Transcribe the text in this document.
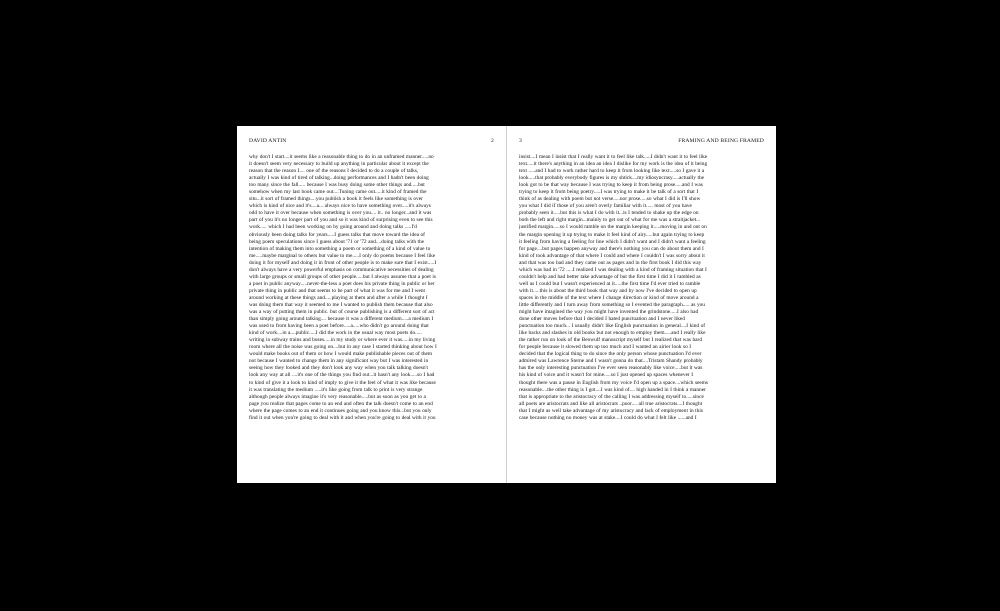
DAVID ANTIN	2
why don't I start....it seems like a reasonable thing to do in an unframed manner.....no
it doesn't seem very necessary to build up anything in particular about it except the
reason that the reason I.... one of the reasons I decided to do a couple of talks,
actually I was kind of tired of talking...doing performances and I hadn't been doing
too many since the fall..... because I was busy doing some other things and.....but
somehow when my last book came out....Tuning came out.....it kind of framed the
situ...it sort of framed things....you publish a book it feels like something is over
which is kind of nice and it's....a... always nice to have something over.....it's always
odd to have it over because when something is over you.... it.. no longer...and it was
part of you it's no longer part of you and so it was kind of surprising even to see this
work..... which I had been working on by going around and doing talks .....I'd
obviously been doing talks for years.....I guess talks that move toward the idea of
being poem speculations since I guess about '71 or '72 and....doing talks with the
intention of making them into something a poem or something of a kind of value to
me.....maybe marginal to others but value to me.....I only do poems because I feel like
doing it for myself and doing it in front of other people is to make sure that I exist.....I
don't always have a very powerful emphasis on communicative necessities of dealing
with large groups or small groups of other people.....but I always assume that a poet is
a poet in public anyway.....never-the-less a poet does his private thing in public or her
private thing in public and that seems to be part of what it was for me and I went
around working at these things and.....playing at them and after a while I thought I
was doing them that way it seemed to me I wanted to publish them because that also
was a way of putting them in public. but of course publishing is a different sort of act
than simply going around talking.... because it was a different medium.....a medium I
was used to from having been a poet before.....a.....who didn't go around doing that
kind of work....in a....public.....I did the work in the usual way most poets do.....
writing in subway trains and buses.....in my study or where ever it was.....in my living
room where all the noise was going on....but in any case I started thinking about how I
would make books out of them or how I would make publishable pieces out of them
not because I wanted to change them in any significant way but I was interested in
seeing how they looked and they don't look any way when you talk talking doesn't
look any way at all ....it's one of the things you find out...it hasn't any look.....so I had
to kind of give it a look to kind of imply to give it the feel of what it was like because
it was translating the medium .....it's like going from talk to print is very strange
although people always imagine it's very reasonable.....but as soon as you get to a
page you realize that pages come to an end and often the talk doesn't come to an end
where the page comes to an end it continues going and you know this...but you only
find it out when you're going to deal with it and when you're going to deal with it you
3	FRAMING AND BEING FRAMED
insist....I mean I insist that I really want it to feel like talk.....I didn't want it to feel like
text.....it there's anything in an idea an idea I dislike for my work is the idea of it being
text .....and I had to work rather hard to keep it from looking like text.....so I gave it a
look.....that probably everybody figures is my shtick....my idiosyncrasy.....actually the
look got to be that way because I was trying to keep it from being prose.....and I was
trying to keep it from being poetry.....I was trying to make it be talk of a sort that I
think of as dealing with poem but not verse.....nor prose.....so what I did is I'll show
you what I did if those of you aren't overly familiar with it..... most of you have
probably seen it.....but this is what I do with it...is I tended to shake up the edge on
both the left and right margin...mainly to get out of what for me was a straitjacket...
justified margin.....so I would ramble on the margin keeping it.....moving in and out on
the margin opening it up trying to make it feel kind of airy.....but again trying to keep
it feeling from having a feeling for line which I didn't want and I didn't want a feeling
for page....but pages happen anyway and there's nothing you can do about them and I
kind of took advantage of that where I could and where I couldn't I was sorry about it
and that was too bad and they came out as pages and in the first book I did this way
which was bad in '72 .....I realized I was dealing with a kind of framing situation that I
couldn't help and had better take advantage of but the first time I did it I rambled as
well as I could but I wasn't experienced at it.....the first time I'd ever tried to ramble
with it.....this is about the third book that way and by now I've decided to open up
spaces in the middle of the text where I change direction or kind of move around a
little differently and I turn away from something so I evented the paragraph..... as you
might have imagined the way you might have invented the grindstone.....I also had
done other moves before that I decided I hated punctuation and I never liked
punctuation too much... I usually didn't like English punctuation in general....I kind of
like hacks and slashes in old books but not enough to employ them.....and I really like
the rather run on look of the Beowulf manuscript myself but I realized that was hard
for people because it slowed them up too much and I wanted an airier look so I
decided that the logical thing to do since the only person whose punctuation I'd ever
admired was Lawrence Sterne and I wasn't gonna do that....Tristam Shandy probably
has the only interesting punctuation I've ever seen reasonably like voice.....but it was
his kind of voice and it wasn't for mine.....so I just opened up spaces whenever I
thought there was a pause in English from my voice I'd open up a space....which seems
reasonable....the other thing is I got....I was kind of.... high handed in I think a manner
that is appropriate to the aristocracy of the calling I was addressing myself to.....since
all poets are aristocrats and like all aristocrats ..poor.... all true aristocrats....I thought
that I might as well take advantage of my aristocracy and lack of employment in this
case because nothing no money was at stake....I could do what I felt like ......and I
